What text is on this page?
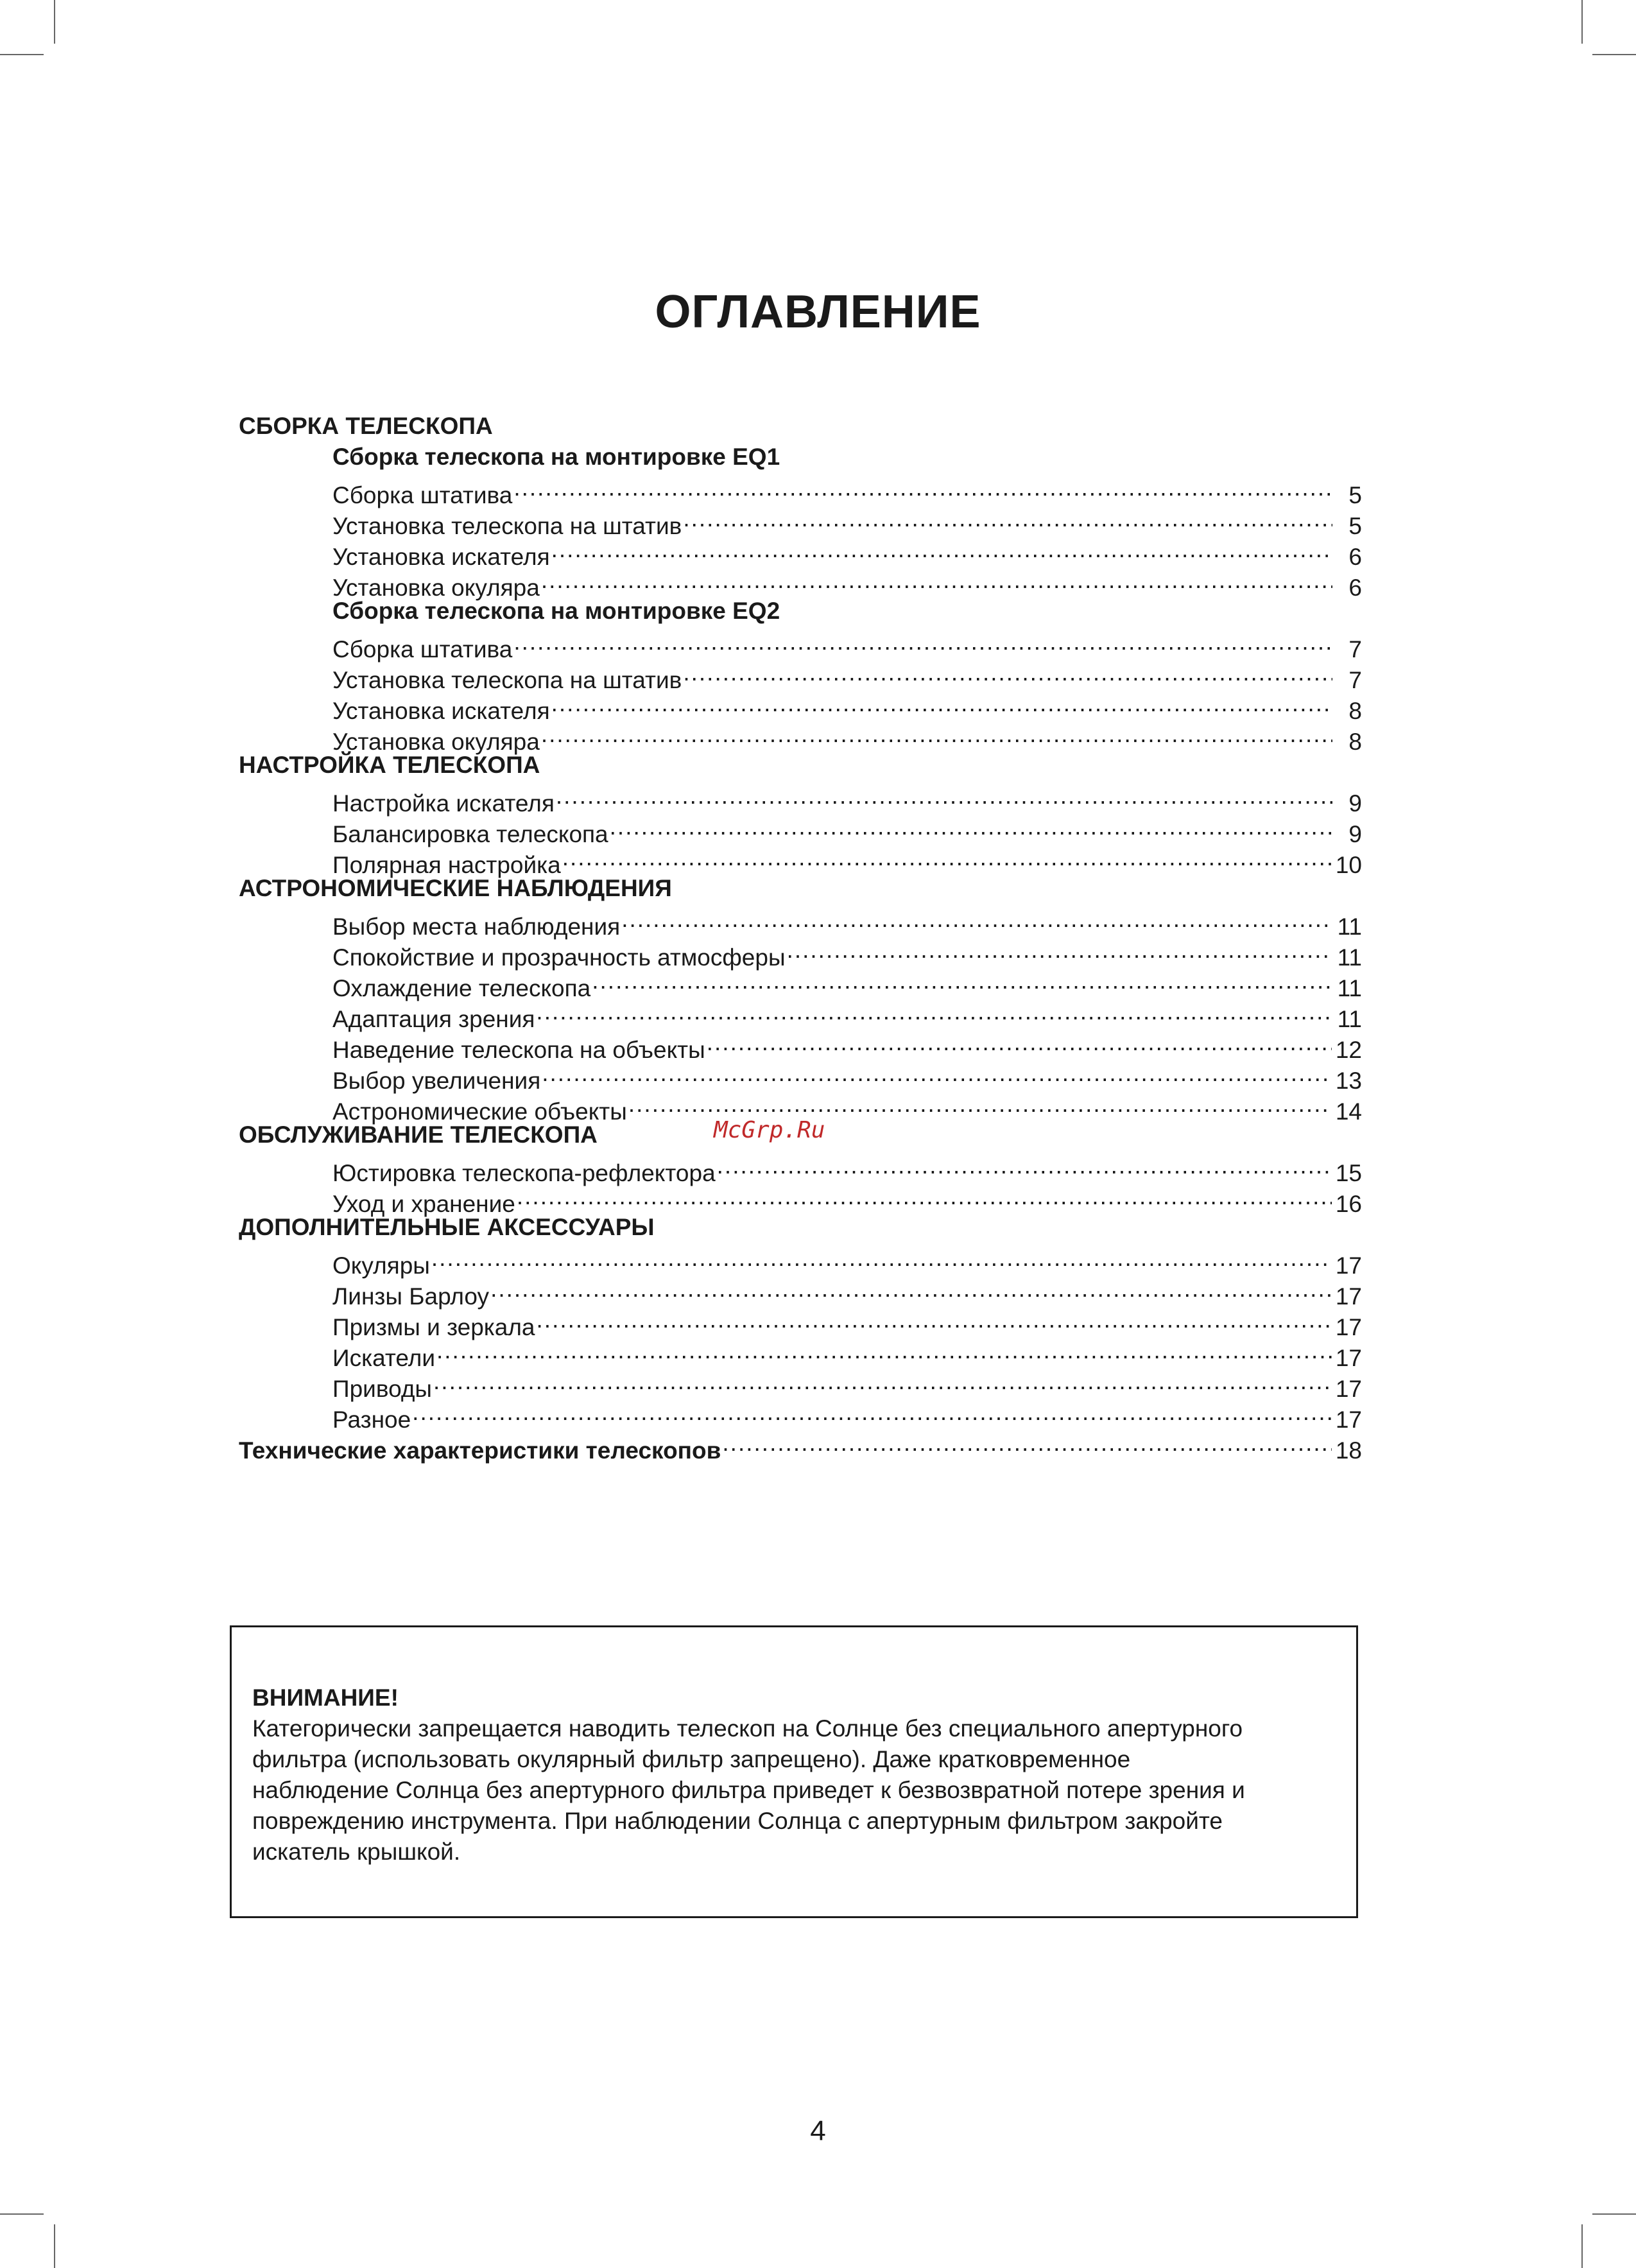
ОГЛАВЛЕНИЕ
СБОРКА ТЕЛЕСКОПА
Сборка телескопа на монтировке EQ1
Сборка штатива .....	5
Установка телескопа на штатив .....	5
Установка искателя .....	6
Установка окуляра .....	6
Сборка телескопа на монтировке EQ2
Сборка штатива .....	7
Установка телескопа на штатив .....	7
Установка искателя .....	8
Установка окуляра .....	8
НАСТРОЙКА ТЕЛЕСКОПА
Настройка искателя .....	9
Балансировка телескопа .....	9
Полярная настройка .....	10
АСТРОНОМИЧЕСКИЕ НАБЛЮДЕНИЯ
Выбор места наблюдения .....	11
Спокойствие и прозрачность атмосферы .....	11
Охлаждение телескопа .....	11
Адаптация зрения .....	11
Наведение телескопа на объекты .....	12
Выбор увеличения .....	13
Астрономические объекты .....	14
ОБСЛУЖИВАНИЕ ТЕЛЕСКОПА
Юстировка телескопа-рефлектора .....	15
Уход и хранение .....	16
ДОПОЛНИТЕЛЬНЫЕ АКСЕССУАРЫ
Окуляры .....	17
Линзы Барлоу .....	17
Призмы и зеркала .....	17
Искатели .....	17
Приводы .....	17
Разное .....	17
Технические характеристики телескопов .....	18
McGrp.Ru

ВНИМАНИЕ!

Категорически запрещается наводить телескоп на Солнце без специального апертурного

фильтра (использовать окулярный фильтр запрещено). Даже кратковременное

наблюдение Солнца без апертурного фильтра приведет к безвозвратной потере зрения и

повреждению инструмента. При наблюдении Солнца с апертурным фильтром закройте

искатель крышкой.

4
